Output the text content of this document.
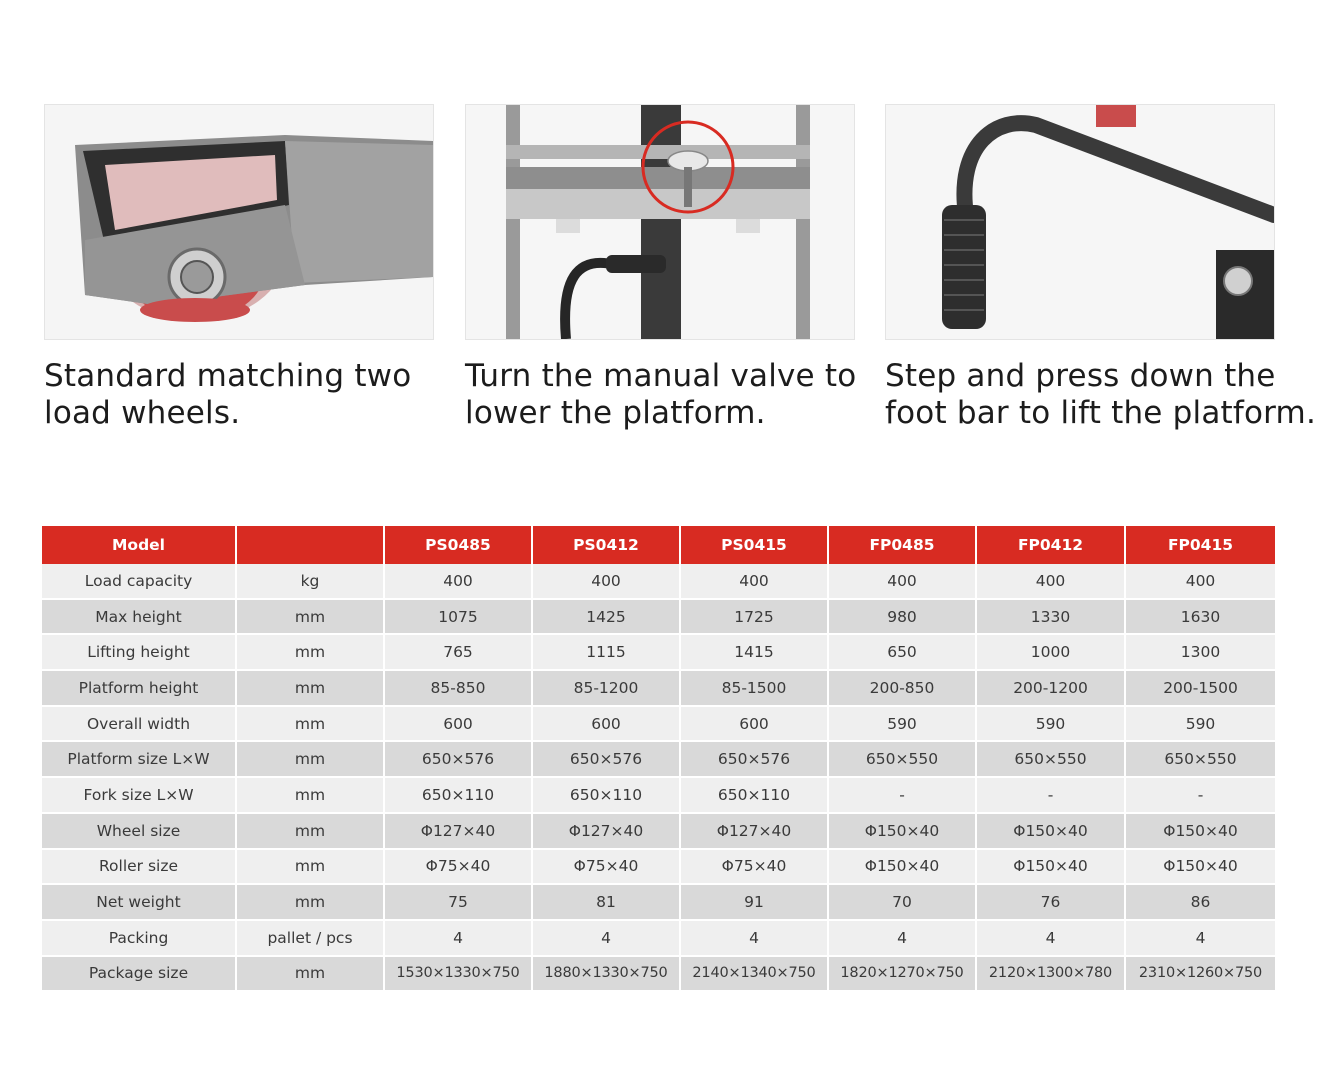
Standard matching two
load wheels.
Turn the manual valve to
lower the platform.
Step and press down the
foot bar to lift the platform.
Model		PS0485	PS0412	PS0415	FP0485	FP0412	FP0415
Load capacity	kg	400	400	400	400	400	400
Max height	mm	1075	1425	1725	980	1330	1630
Lifting height	mm	765	1115	1415	650	1000	1300
Platform height	mm	85-850	85-1200	85-1500	200-850	200-1200	200-1500
Overall width	mm	600	600	600	590	590	590
Platform size L×W	mm	650×576	650×576	650×576	650×550	650×550	650×550
Fork size L×W	mm	650×110	650×110	650×110	-	-	-
Wheel size	mm	Φ127×40	Φ127×40	Φ127×40	Φ150×40	Φ150×40	Φ150×40
Roller size	mm	Φ75×40	Φ75×40	Φ75×40	Φ150×40	Φ150×40	Φ150×40
Net weight	mm	75	81	91	70	76	86
Packing	pallet / pcs	4	4	4	4	4	4
Package size	mm	1530×1330×750	1880×1330×750	2140×1340×750	1820×1270×750	2120×1300×780	2310×1260×750
